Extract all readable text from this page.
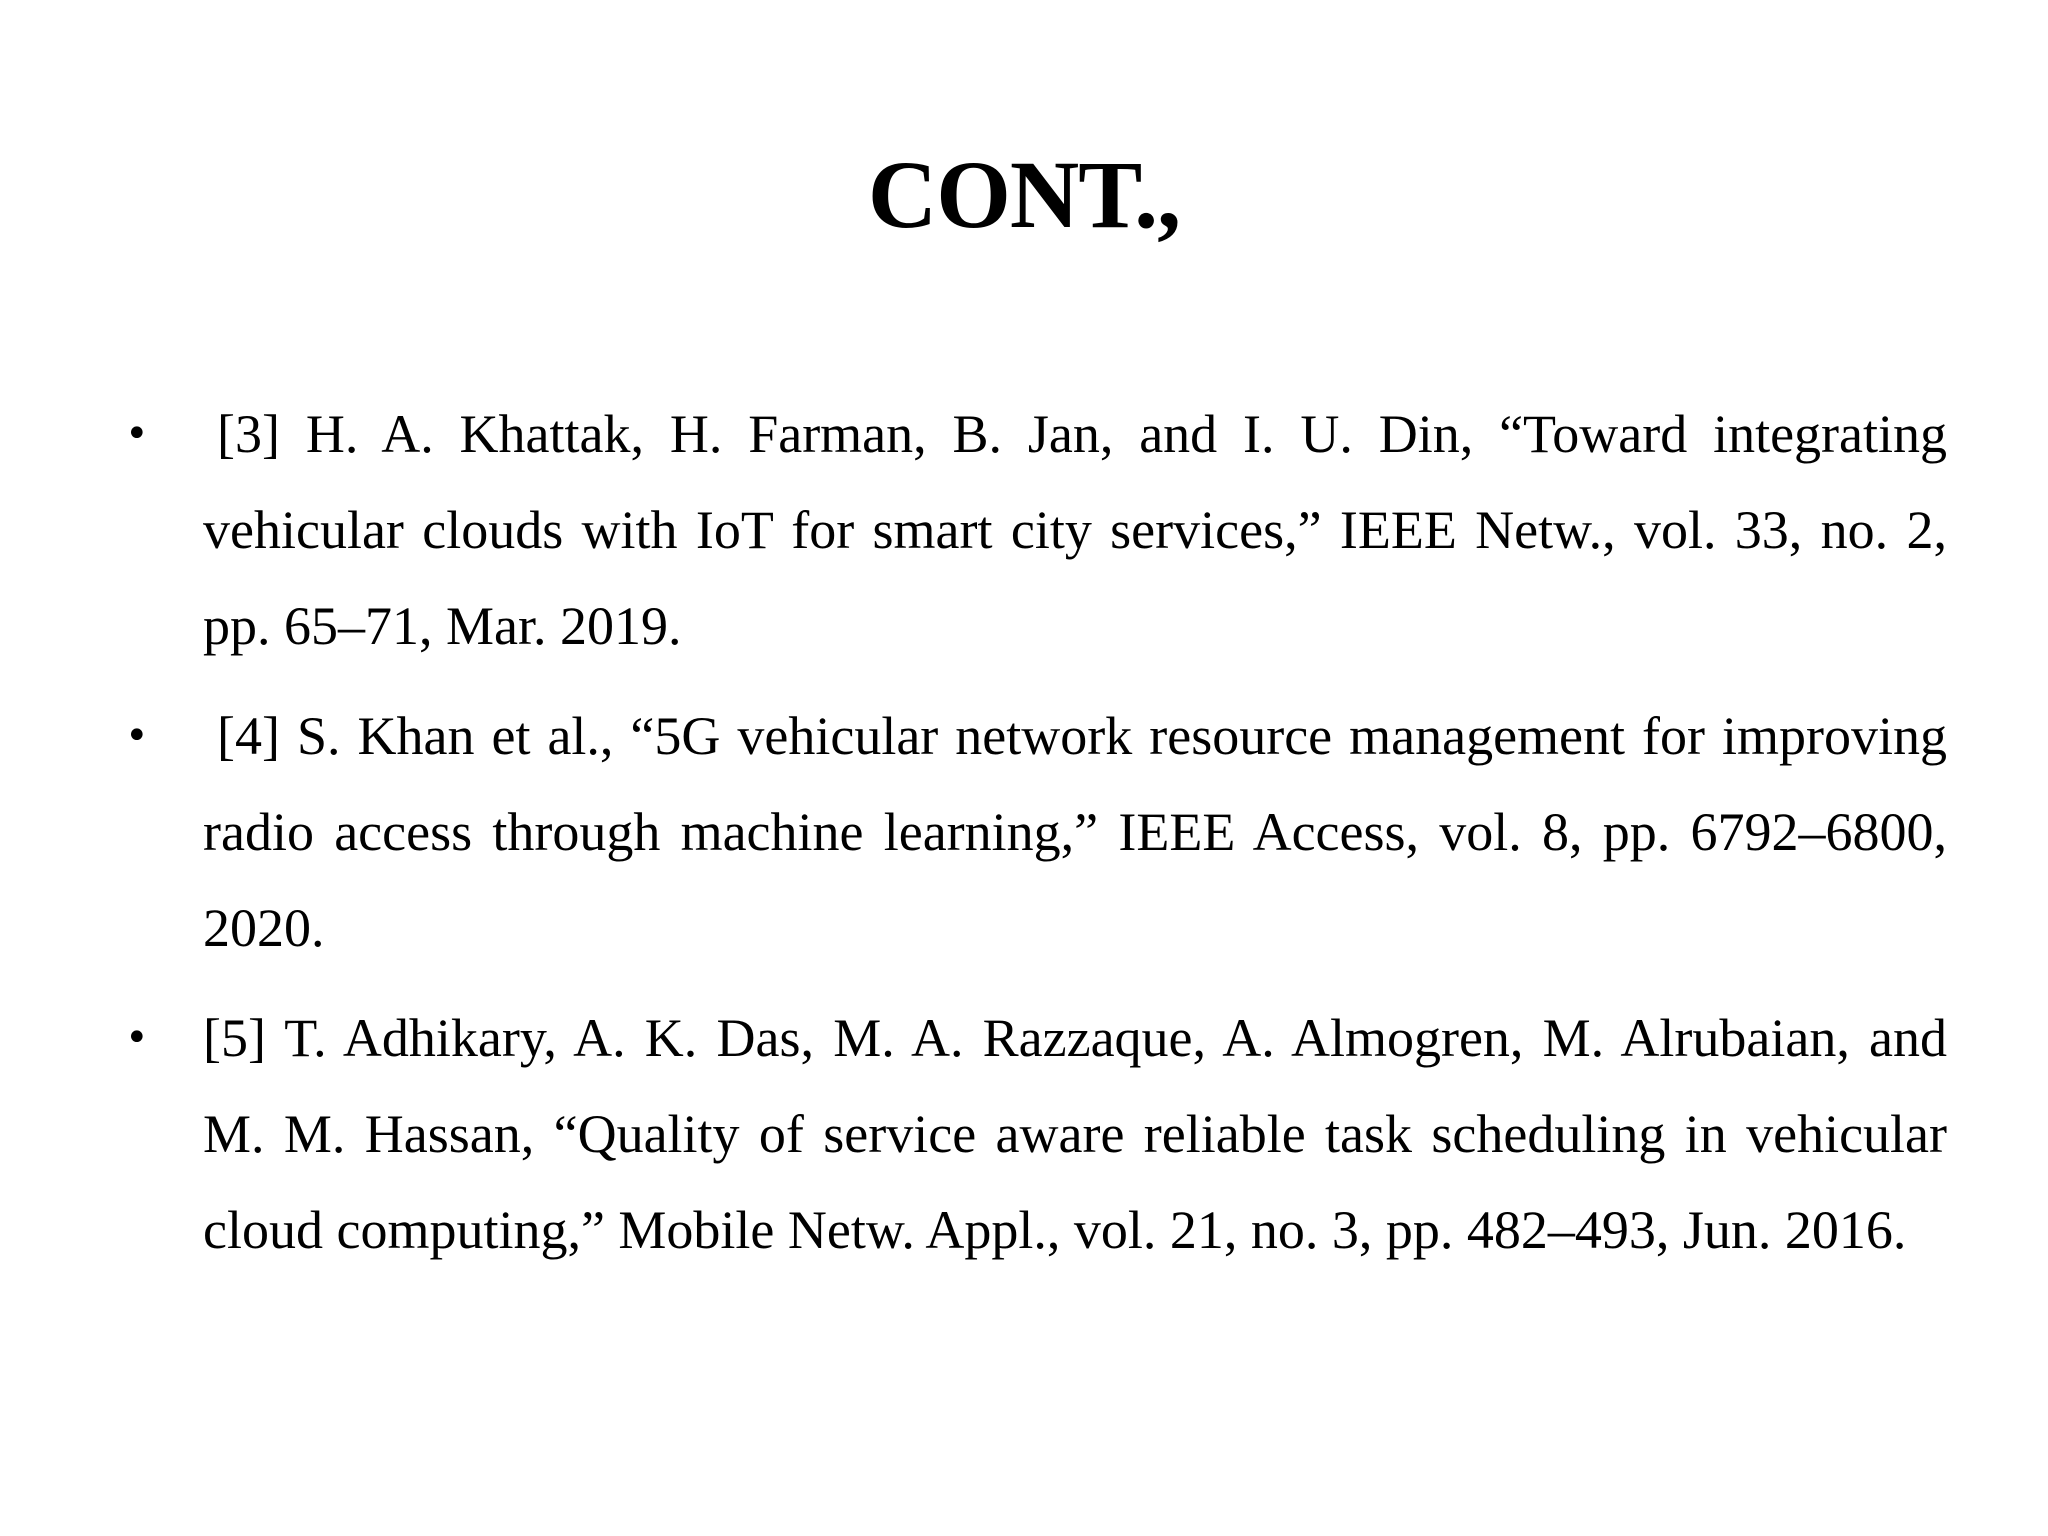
CONT.,
• [3] H. A. Khattak, H. Farman, B. Jan, and I. U. Din, “Toward integrating vehicular clouds with IoT for smart city services,” IEEE Netw., vol. 33, no. 2, pp. 65–71, Mar. 2019.
• [4] S. Khan et al., “5G vehicular network resource management for improving radio access through machine learning,” IEEE Access, vol. 8, pp. 6792–6800, 2020.
• [5] T. Adhikary, A. K. Das, M. A. Razzaque, A. Almogren, M. Alrubaian, and M. M. Hassan, “Quality of service aware reliable task scheduling in vehicular cloud computing,” Mobile Netw. Appl., vol. 21, no. 3, pp. 482–493, Jun. 2016.
